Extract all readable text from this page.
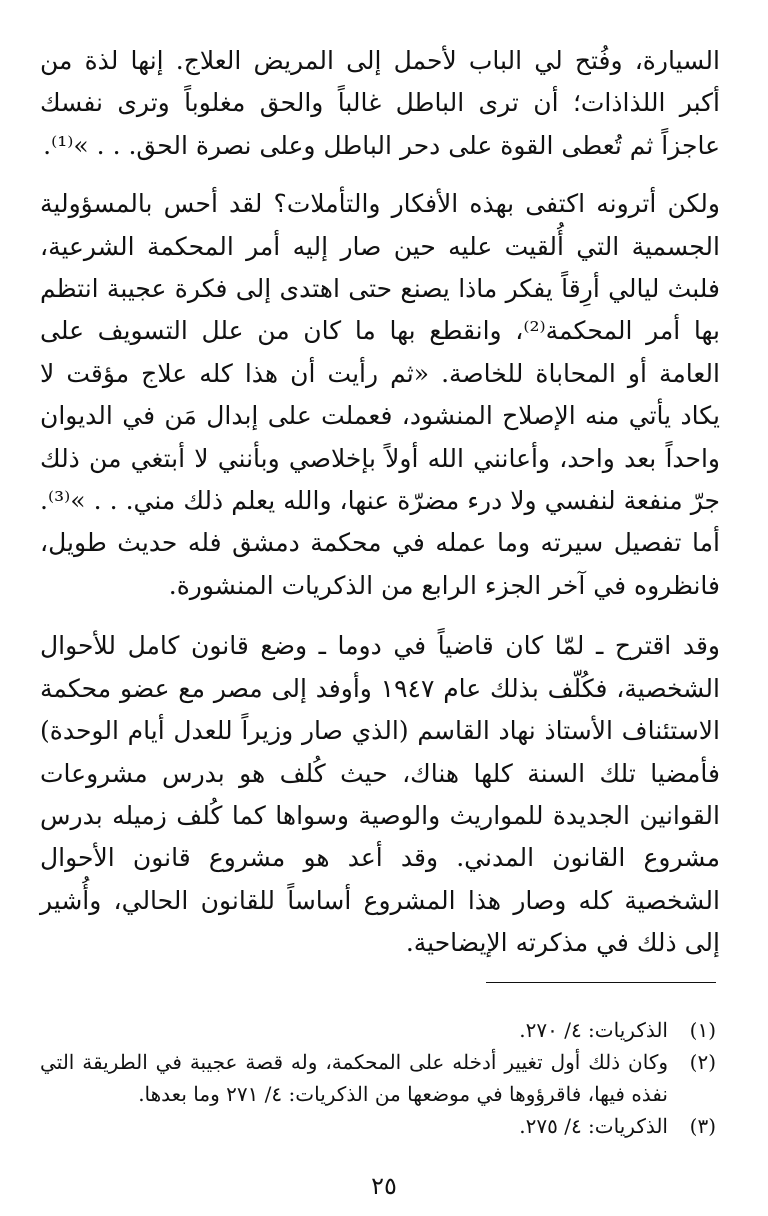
السيارة، وفُتح لي الباب لأحمل إلى المريض العلاج. إنها لذة من أكبر اللذاذات؛ أن ترى الباطل غالباً والحق مغلوباً وترى نفسك عاجزاً ثم تُعطى القوة على دحر الباطل وعلى نصرة الحق. . . »⁽¹⁾.

ولكن أترونه اكتفى بهذه الأفكار والتأملات؟ لقد أحس بالمسؤولية الجسمية التي أُلقيت عليه حين صار إليه أمر المحكمة الشرعية، فلبث ليالي أرِقاً يفكر ماذا يصنع حتى اهتدى إلى فكرة عجيبة انتظم بها أمر المحكمة⁽²⁾، وانقطع بها ما كان من علل التسويف على العامة أو المحاباة للخاصة. «ثم رأيت أن هذا كله علاج مؤقت لا يكاد يأتي منه الإصلاح المنشود، فعملت على إبدال مَن في الديوان واحداً بعد واحد، وأعانني الله أولاً بإخلاصي وبأنني لا أبتغي من ذلك جرّ منفعة لنفسي ولا درء مضرّة عنها، والله يعلم ذلك مني. . . »⁽³⁾. أما تفصيل سيرته وما عمله في محكمة دمشق فله حديث طويل، فانظروه في آخر الجزء الرابع من الذكريات المنشورة.

وقد اقترح ـ لمّا كان قاضياً في دوما ـ وضع قانون كامل للأحوال الشخصية، فكُلّف بذلك عام ١٩٤٧ وأوفد إلى مصر مع عضو محكمة الاستئناف الأستاذ نهاد القاسم (الذي صار وزيراً للعدل أيام الوحدة) فأمضيا تلك السنة كلها هناك، حيث كُلف هو بدرس مشروعات القوانين الجديدة للمواريث والوصية وسواها كما كُلف زميله بدرس مشروع القانون المدني. وقد أعد هو مشروع قانون الأحوال الشخصية كله وصار هذا المشروع أساساً للقانون الحالي، وأُشير إلى ذلك في مذكرته الإيضاحية.

(١)
الذكريات: ٤/ ٢٧٠.
(٢)
وكان ذلك أول تغيير أدخله على المحكمة، وله قصة عجيبة في الطريقة التي نفذه فيها، فاقرؤوها في موضعها من الذكريات: ٤/ ٢٧١ وما بعدها.
(٣)
الذكريات: ٤/ ٢٧٥.
٢٥
